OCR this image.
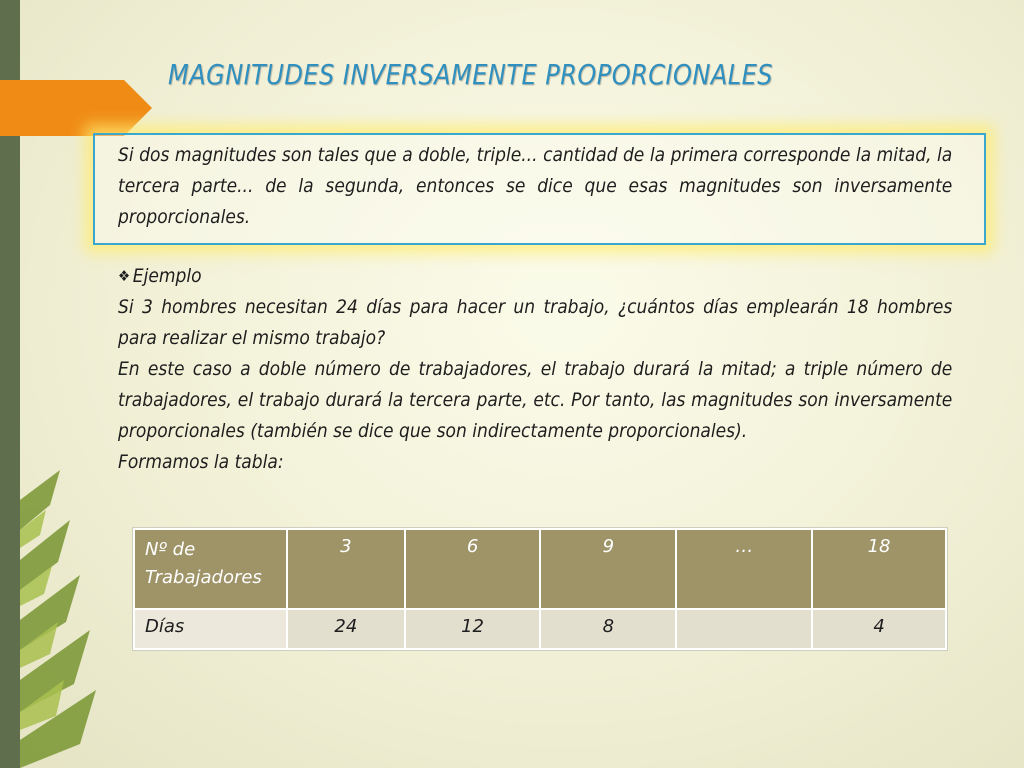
MAGNITUDES INVERSAMENTE PROPORCIONALES
Si dos magnitudes son tales que a doble, triple... cantidad de la primera corresponde la mitad, la tercera parte... de la segunda, entonces se dice que esas magnitudes son inversamente proporcionales.
❖ Ejemplo

Si 3 hombres necesitan 24 días para hacer un trabajo, ¿cuántos días emplearán 18 hombres para realizar el mismo trabajo?

En este caso a doble número de trabajadores, el trabajo durará la mitad; a triple número de trabajadores, el trabajo durará la tercera parte, etc. Por tanto, las magnitudes son inversamente proporcionales (también se dice que son indirectamente proporcionales).

Formamos la tabla:

Nº de Trabajadores	3	6	9	…	18
Días	24	12	8		4
